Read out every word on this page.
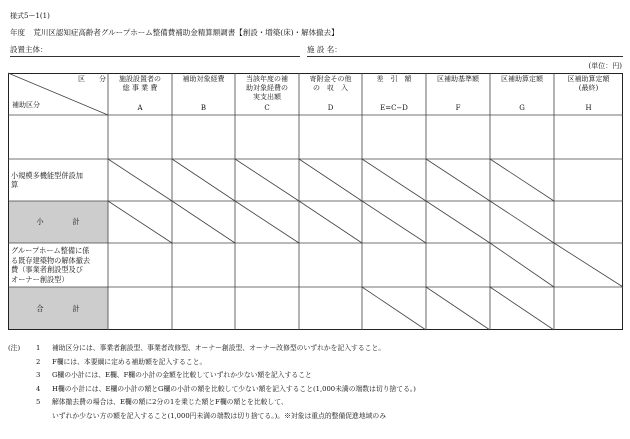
様式5ー1(1)
年度 荒川区認知症高齢者グループホーム整備費補助金精算額調書【創設・増築(床)・解体撤去】
設置主体：	施 設 名：
(単位：円)
区　　分
補助区分
施設設置者の
総 事 業 費
A
補助対象経費
B
当該年度の補
助対象経費の
実支出額
C
寄附金その他
の　収　入
D
差　引　額
E=C−D
区補助基準額
F
区補助算定額
G
区補助算定額
(最終)
H
小規模多機能型併設加
算
小　　　　計
グループホーム整備に係
る既存建築物の解体撤去
費（事業者創設型及び
オーナー創設型）
合　　　　計
(注) 1 補助区分には、事業者創設型、事業者改修型、オーナー創設型、オーナー改修型のいずれかを記入すること。
2 F欄には、本要綱に定める補助額を記入すること。
3 G欄の小計には、E欄、F欄の小計の金額を比較していずれか少ない額を記入すること
4 H欄の小計には、E欄の小計の額とG欄の小計の額を比較して少ない額を記入すること(1,000未満の端数は切り捨てる。)
5 解体撤去費の場合は、E欄の額に2分の1を乗じた額とF欄の額とを比較して、
いずれか少ない方の額を記入すること(1,000円未満の端数は切り捨てる。)。※対象は重点的整備促進地域のみ
